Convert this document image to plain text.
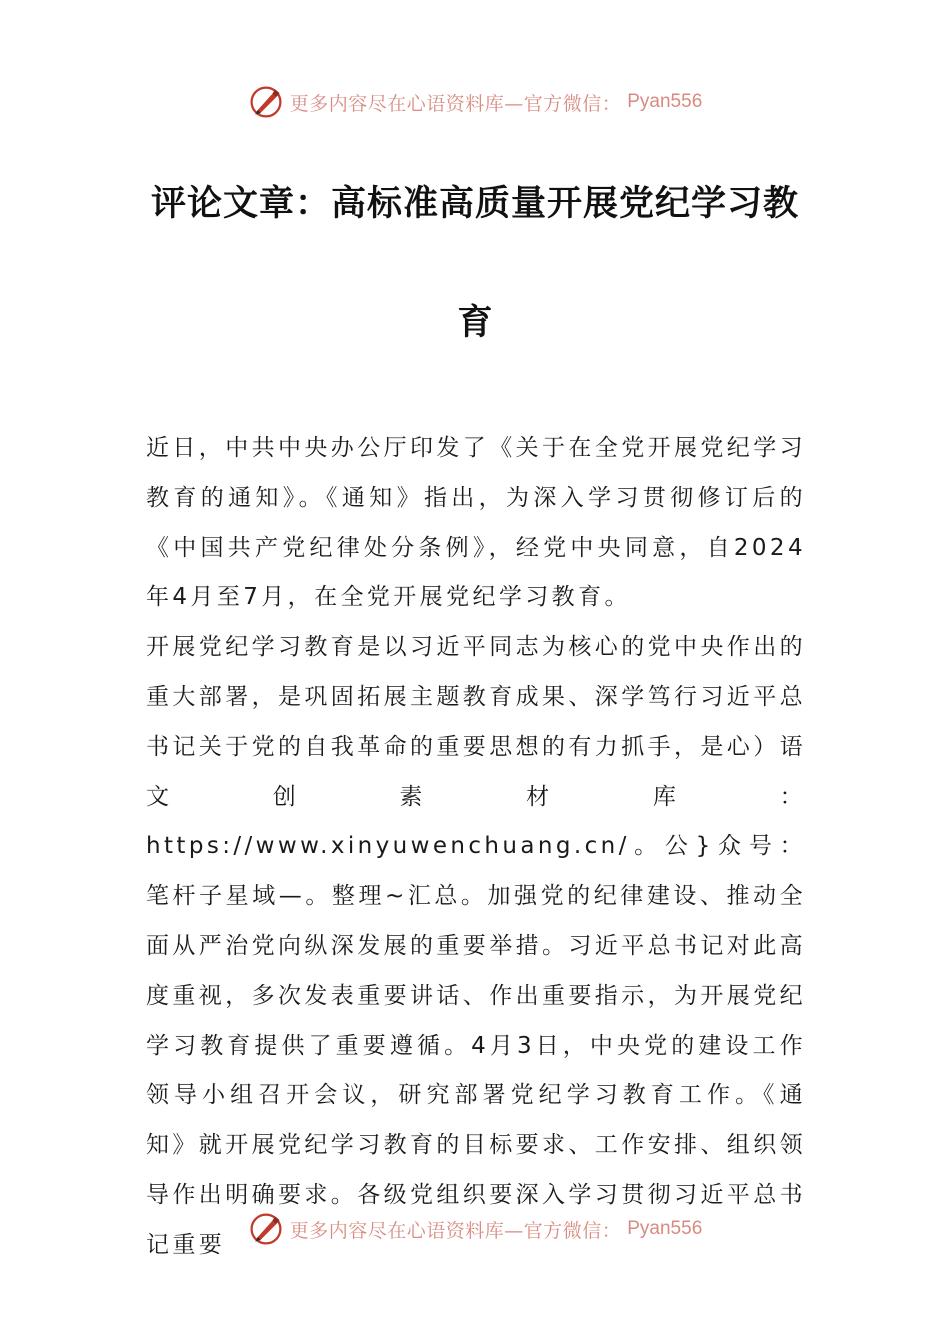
更多内容尽在心语资料库—官方微信： Pyan556
评论文章：高标准高质量开展党纪学习教
育

近日，中共中央办公厅印发了《关于在全党开展党纪学习教育的通知》。《通知》指出，为深入学习贯彻修订后的《中国共产党纪律处分条例》，经党中央同意，自2024年4月至7月，在全党开展党纪学习教育。

开展党纪学习教育是以习近平同志为核心的党中央作出的重大部署，是巩固拓展主题教育成果、深学笃行习近平总书记关于党的自我革命的重要思想的有力抓手，是心）语文创素材库：https://www.xinyuwenchuang.cn/。公}众号：笔杆子星域—。整理~汇总。加强党的纪律建设、推动全面从严治党向纵深发展的重要举措。习近平总书记对此高度重视，多次发表重要讲话、作出重要指示，为开展党纪学习教育提供了重要遵循。4月3日，中央党的建设工作领导小组召开会议，研究部署党纪学习教育工作。《通知》就开展党纪学习教育的目标要求、工作安排、组织领导作出明确要求。各级党组织要深入学习贯彻习近平总书记重要

更多内容尽在心语资料库—官方微信： Pyan556
